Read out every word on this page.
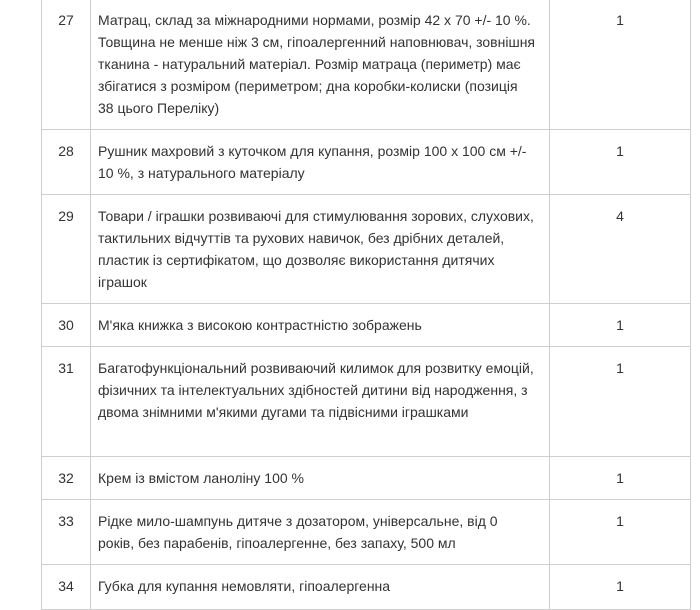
27	Матрац, склад за міжнародними нормами, розмір 42 х 70 +/- 10 %. Товщина не менше ніж 3 см, гіпоалергенний наповнювач, зовнішня тканина - натуральний матеріал. Розмір матраца (периметр) має збігатися з розміром (периметром; дна коробки-колиски (позиція 38 цього Переліку)	1
28	Рушник махровий з куточком для купання, розмір 100 х 100 см +/- 10 %, з натурального матеріалу	1
29	Товари / іграшки розвиваючі для стимулювання зорових, слухових, тактильних відчуттів та рухових навичок, без дрібних деталей, пластик із сертифікатом, що дозволяє використання дитячих іграшок	4
30	М'яка книжка з високою контрастністю зображень	1
31	Багатофункціональний розвиваючий килимок для розвитку емоцій, фізичних та інтелектуальних здібностей дитини від народження, з двома знімними м'якими дугами та підвісними іграшками	1
32	Крем із вмістом ланоліну 100 %	1
33	Рідке мило-шампунь дитяче з дозатором, універсальне, від 0 років, без парабенів, гіпоалергенне, без запаху, 500 мл	1
34	Губка для купання немовляти, гіпоалергенна	1
